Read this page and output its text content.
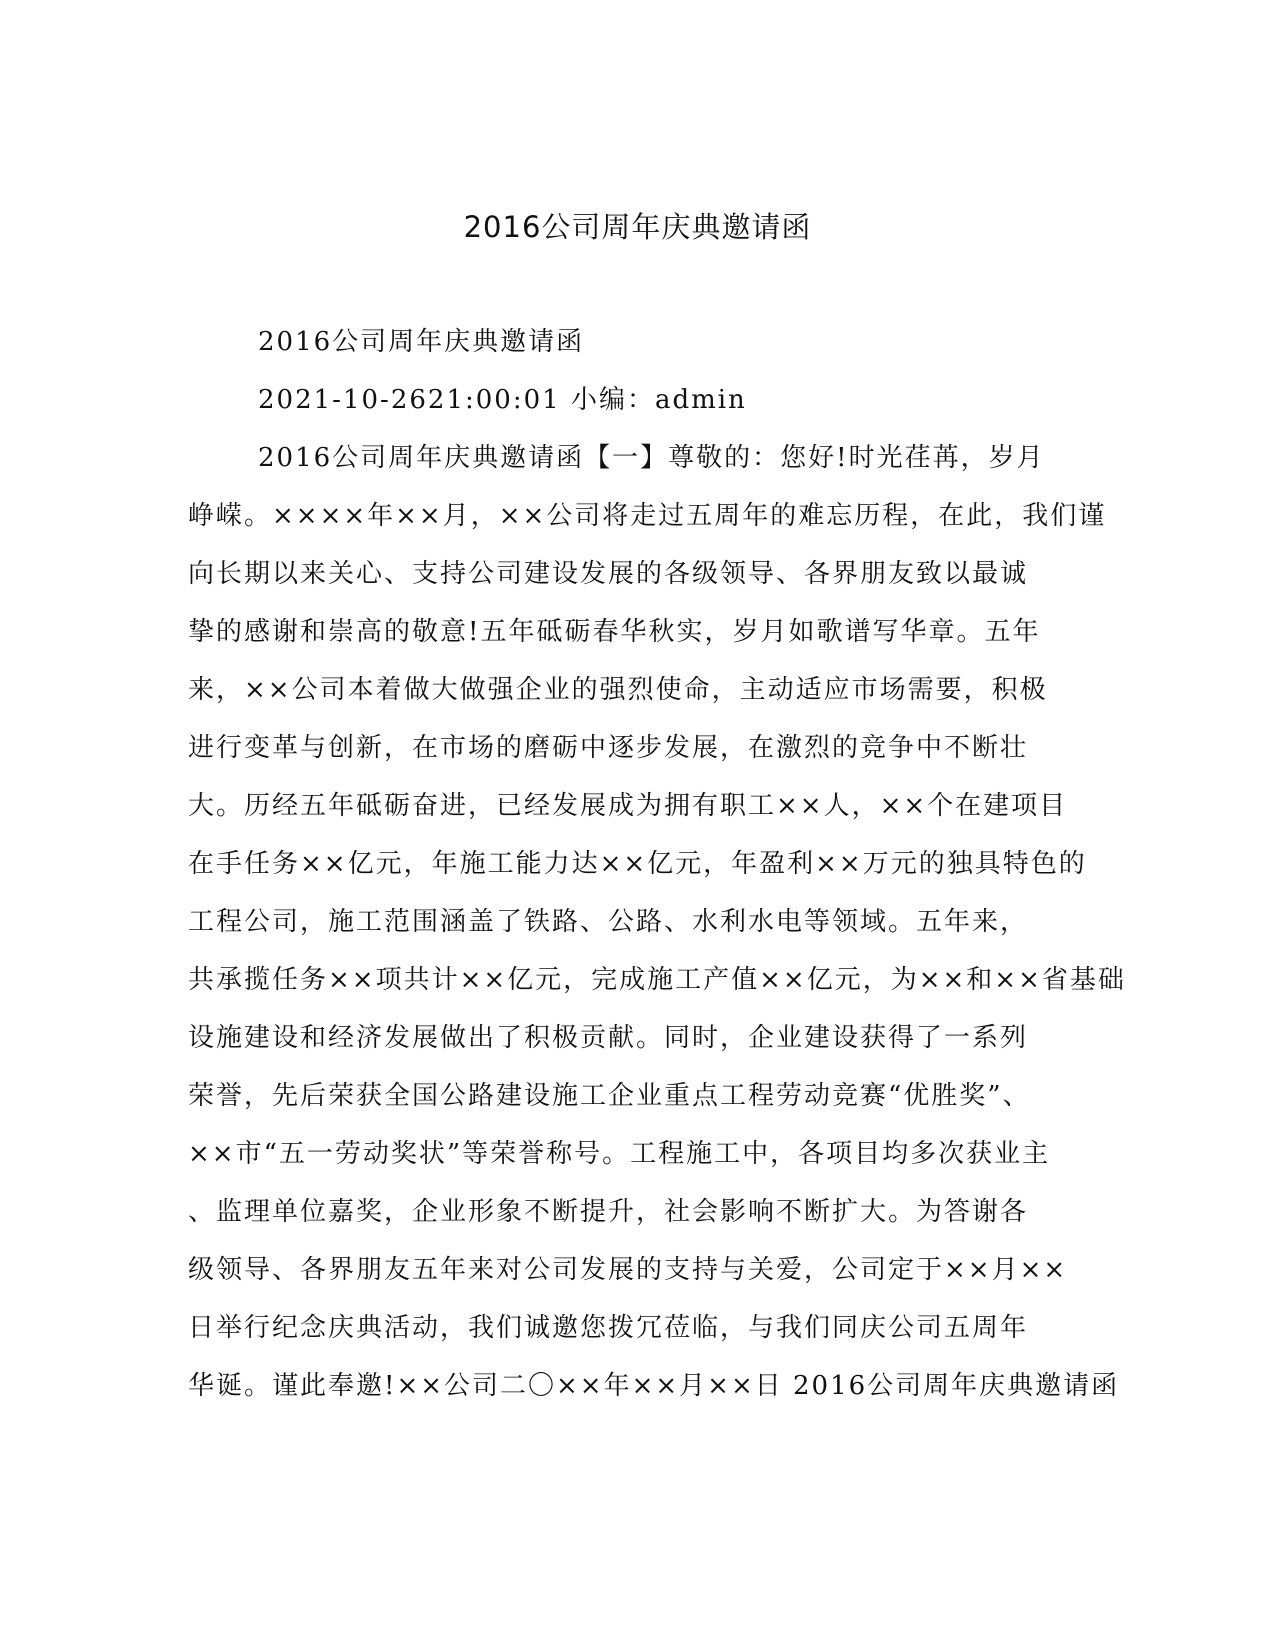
2016公司周年庆典邀请函
2016公司周年庆典邀请函
2021-10-2621:00:01 小编：admin
2016公司周年庆典邀请函【一】尊敬的：您好!时光荏苒，岁月
峥嵘。××××年××月，××公司将走过五周年的难忘历程，在此，我们谨
向长期以来关心、支持公司建设发展的各级领导、各界朋友致以最诚
挚的感谢和崇高的敬意!五年砥砺春华秋实，岁月如歌谱写华章。五年
来，××公司本着做大做强企业的强烈使命，主动适应市场需要，积极
进行变革与创新，在市场的磨砺中逐步发展，在激烈的竞争中不断壮
大。历经五年砥砺奋进，已经发展成为拥有职工××人，××个在建项目
在手任务××亿元，年施工能力达××亿元，年盈利××万元的独具特色的
工程公司，施工范围涵盖了铁路、公路、水利水电等领域。五年来，
共承揽任务××项共计××亿元，完成施工产值××亿元，为××和××省基础
设施建设和经济发展做出了积极贡献。同时，企业建设获得了一系列
荣誉，先后荣获全国公路建设施工企业重点工程劳动竞赛“优胜奖”、
××市“五一劳动奖状”等荣誉称号。工程施工中，各项目均多次获业主
、监理单位嘉奖，企业形象不断提升，社会影响不断扩大。为答谢各
级领导、各界朋友五年来对公司发展的支持与关爱，公司定于××月××
日举行纪念庆典活动，我们诚邀您拨冗莅临，与我们同庆公司五周年
华诞。谨此奉邀!××公司二〇××年××月××日 2016公司周年庆典邀请函
